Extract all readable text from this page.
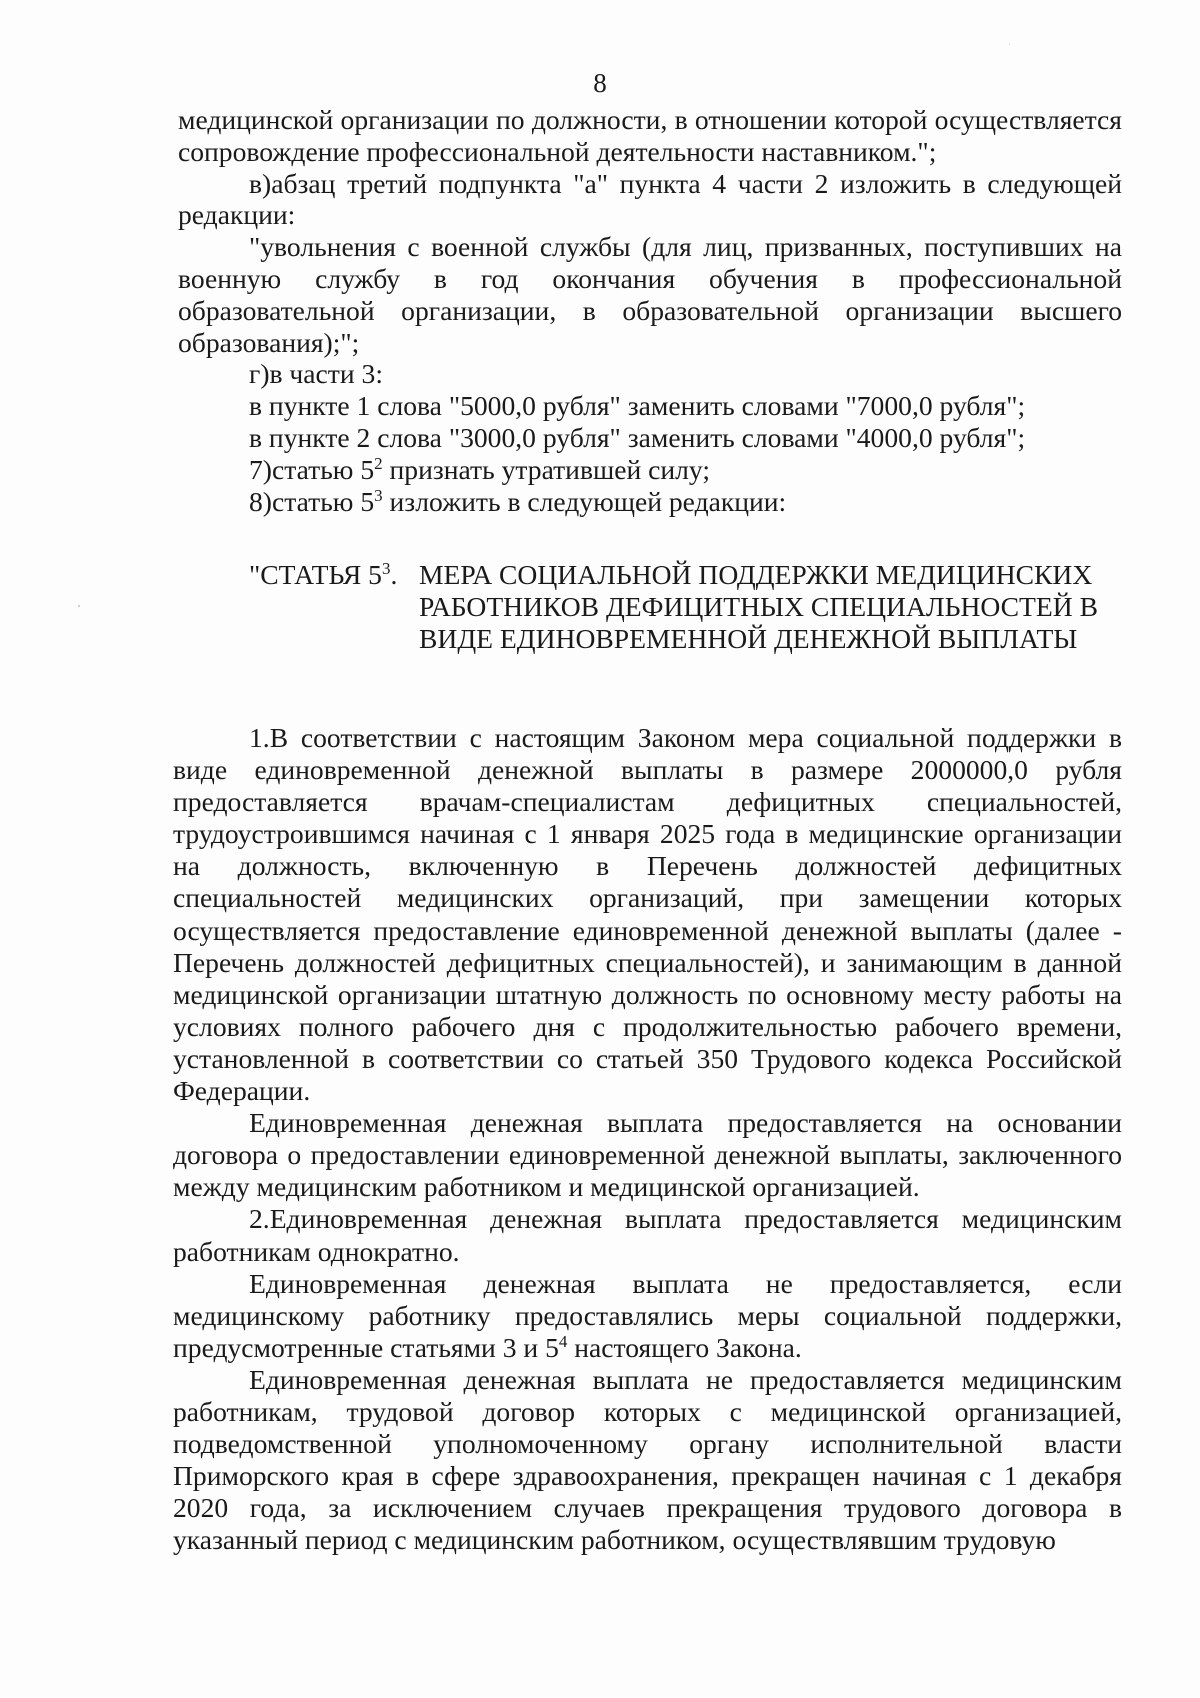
8

медицинской организации по должности, в отношении которой осуществляется сопровождение профессиональной деятельности наставником.";

в)абзац третий подпункта "а" пункта 4 части 2 изложить в следующей редакции:

"увольнения с военной службы (для лиц, призванных, поступивших на военную службу в год окончания обучения в профессиональной образовательной организации, в образовательной организации высшего образования);";

г)в части 3:

в пункте 1 слова "5000,0 рубля" заменить словами "7000,0 рубля";

в пункте 2 слова "3000,0 рубля" заменить словами "4000,0 рубля";

7)статью $5^2$ признать утратившей силу;

8)статью $5^3$ изложить в следующей редакции:

"СТАТЬЯ $5^3$. МЕРА СОЦИАЛЬНОЙ ПОДДЕРЖКИ МЕДИЦИНСКИХ РАБОТНИКОВ ДЕФИЦИТНЫХ СПЕЦИАЛЬНОСТЕЙ В ВИДЕ ЕДИНОВРЕМЕННОЙ ДЕНЕЖНОЙ ВЫПЛАТЫ

1.В соответствии с настоящим Законом мера социальной поддержки в виде единовременной денежной выплаты в размере 2000000,0 рубля предоставляется врачам-специалистам дефицитных специальностей, трудоустроившимся начиная с 1 января 2025 года в медицинские организации на должность, включенную в Перечень должностей дефицитных специальностей медицинских организаций, при замещении которых осуществляется предоставление единовременной денежной выплаты (далее - Перечень должностей дефицитных специальностей), и занимающим в данной медицинской организации штатную должность по основному месту работы на условиях полного рабочего дня с продолжительностью рабочего времени, установленной в соответствии со статьей 350 Трудового кодекса Российской Федерации.

Единовременная денежная выплата предоставляется на основании договора о предоставлении единовременной денежной выплаты, заключенного между медицинским работником и медицинской организацией.

2.Единовременная денежная выплата предоставляется медицинским работникам однократно.

Единовременная денежная выплата не предоставляется, если медицинскому работнику предоставлялись меры социальной поддержки, предусмотренные статьями 3 и $5^4$ настоящего Закона.

Единовременная денежная выплата не предоставляется медицинским работникам, трудовой договор которых с медицинской организацией, подведомственной уполномоченному органу исполнительной власти Приморского края в сфере здравоохранения, прекращен начиная с 1 декабря 2020 года, за исключением случаев прекращения трудового договора в указанный период с медицинским работником, осуществлявшим трудовую
